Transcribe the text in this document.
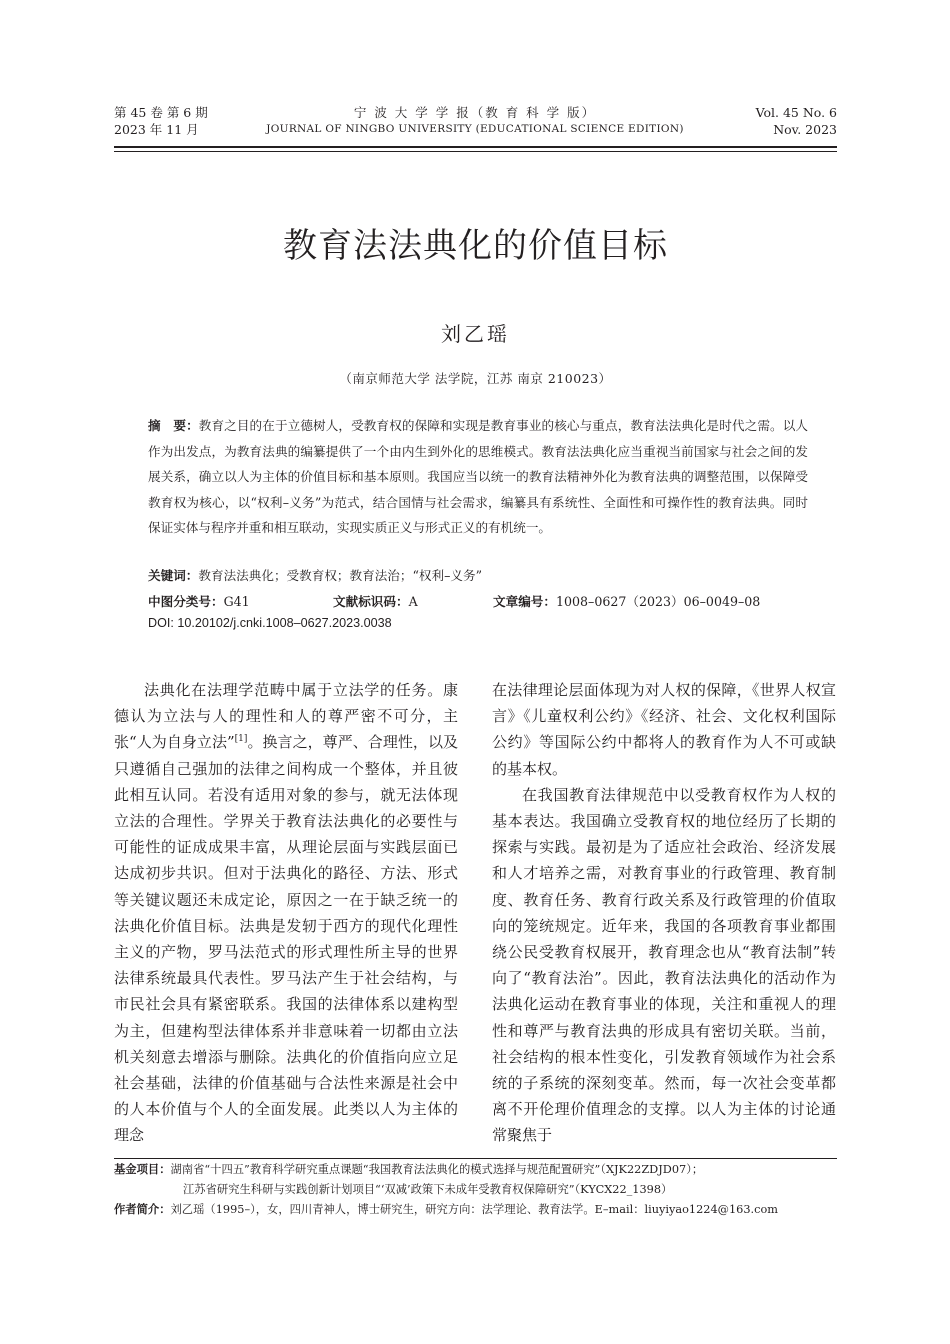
第 45 卷 第 6 期
2023 年 11 月
宁 波 大 学 学 报（教 育 科 学 版）
JOURNAL OF NINGBO UNIVERSITY (EDUCATIONAL SCIENCE EDITION)
Vol. 45 No. 6
Nov. 2023
教育法法典化的价值目标
刘乙瑶
（南京师范大学 法学院，江苏 南京 210023）
摘　要：教育之目的在于立德树人，受教育权的保障和实现是教育事业的核心与重点，教育法法典化是时代之需。以人作为出发点，为教育法典的编纂提供了一个由内生到外化的思维模式。教育法法典化应当重视当前国家与社会之间的发展关系，确立以人为主体的价值目标和基本原则。我国应当以统一的教育法精神外化为教育法典的调整范围，以保障受教育权为核心，以“权利–义务”为范式，结合国情与社会需求，编纂具有系统性、全面性和可操作性的教育法典。同时保证实体与程序并重和相互联动，实现实质正义与形式正义的有机统一。
关键词：教育法法典化；受教育权；教育法治；“权利–义务”
中图分类号：G41	文献标识码：A	文章编号：1008–0627（2023）06–0049–08
DOI: 10.20102/j.cnki.1008–0627.2023.0038

法典化在法理学范畴中属于立法学的任务。康德认为立法与人的理性和人的尊严密不可分，主张“人为自身立法”[1]。换言之，尊严、合理性，以及只遵循自己强加的法律之间构成一个整体，并且彼此相互认同。若没有适用对象的参与，就无法体现立法的合理性。学界关于教育法法典化的必要性与可能性的证成成果丰富，从理论层面与实践层面已达成初步共识。但对于法典化的路径、方法、形式等关键议题还未成定论，原因之一在于缺乏统一的法典化价值目标。法典是发轫于西方的现代化理性主义的产物，罗马法范式的形式理性所主导的世界法律系统最具代表性。罗马法产生于社会结构，与市民社会具有紧密联系。我国的法律体系以建构型为主，但建构型法律体系并非意味着一切都由立法机关刻意去增添与删除。法典化的价值指向应立足社会基础，法律的价值基础与合法性来源是社会中的人本价值与个人的全面发展。此类以人为主体的理念

在法律理论层面体现为对人权的保障，《世界人权宣言》《儿童权利公约》《经济、社会、文化权利国际公约》等国际公约中都将人的教育作为人不可或缺的基本权。

在我国教育法律规范中以受教育权作为人权的基本表达。我国确立受教育权的地位经历了长期的探索与实践。最初是为了适应社会政治、经济发展和人才培养之需，对教育事业的行政管理、教育制度、教育任务、教育行政关系及行政管理的价值取向的笼统规定。近年来，我国的各项教育事业都围绕公民受教育权展开，教育理念也从“教育法制”转向了“教育法治”。因此，教育法法典化的活动作为法典化运动在教育事业的体现，关注和重视人的理性和尊严与教育法典的形成具有密切关联。当前，社会结构的根本性变化，引发教育领域作为社会系统的子系统的深刻变革。然而，每一次社会变革都离不开伦理价值理念的支撑。以人为主体的讨论通常聚焦于

基金项目：湖南省“十四五”教育科学研究重点课题“我国教育法法典化的模式选择与规范配置研究”（XJK22ZDJD07）；
江苏省研究生科研与实践创新计划项目“‘双减’政策下未成年受教育权保障研究”（KYCX22_1398）
作者简介：刘乙瑶（1995–），女，四川青神人，博士研究生，研究方向：法学理论、教育法学。E–mail：liuyiyao1224@163.com
